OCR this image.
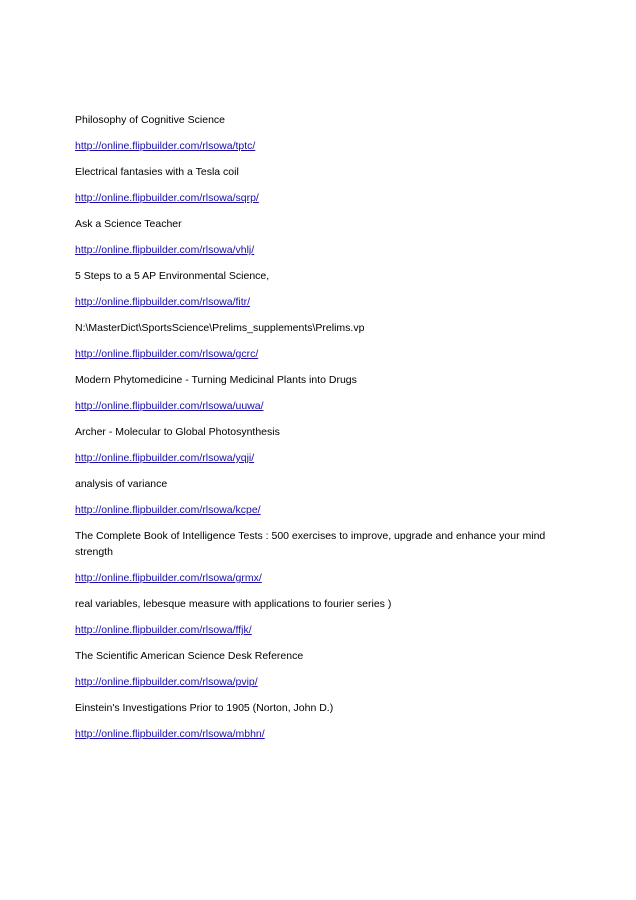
Philosophy of Cognitive Science
http://online.flipbuilder.com/rlsowa/tptc/
Electrical fantasies with a Tesla coil
http://online.flipbuilder.com/rlsowa/sqrp/
Ask a Science Teacher
http://online.flipbuilder.com/rlsowa/vhlj/
5 Steps to a 5 AP Environmental Science,
http://online.flipbuilder.com/rlsowa/fitr/
N:\MasterDict\SportsScience\Prelims_supplements\Prelims.vp
http://online.flipbuilder.com/rlsowa/gcrc/
Modern Phytomedicine - Turning Medicinal Plants into Drugs
http://online.flipbuilder.com/rlsowa/uuwa/
Archer - Molecular to Global Photosynthesis
http://online.flipbuilder.com/rlsowa/yqji/
analysis of variance
http://online.flipbuilder.com/rlsowa/kcpe/
The Complete Book of Intelligence Tests : 500 exercises to improve, upgrade and enhance your mind strength
http://online.flipbuilder.com/rlsowa/grmx/
real variables, lebesque measure with applications to fourier series )
http://online.flipbuilder.com/rlsowa/ffjk/
The Scientific American Science Desk Reference
http://online.flipbuilder.com/rlsowa/pvip/
Einstein's Investigations Prior to 1905 (Norton, John D.)
http://online.flipbuilder.com/rlsowa/mbhn/
